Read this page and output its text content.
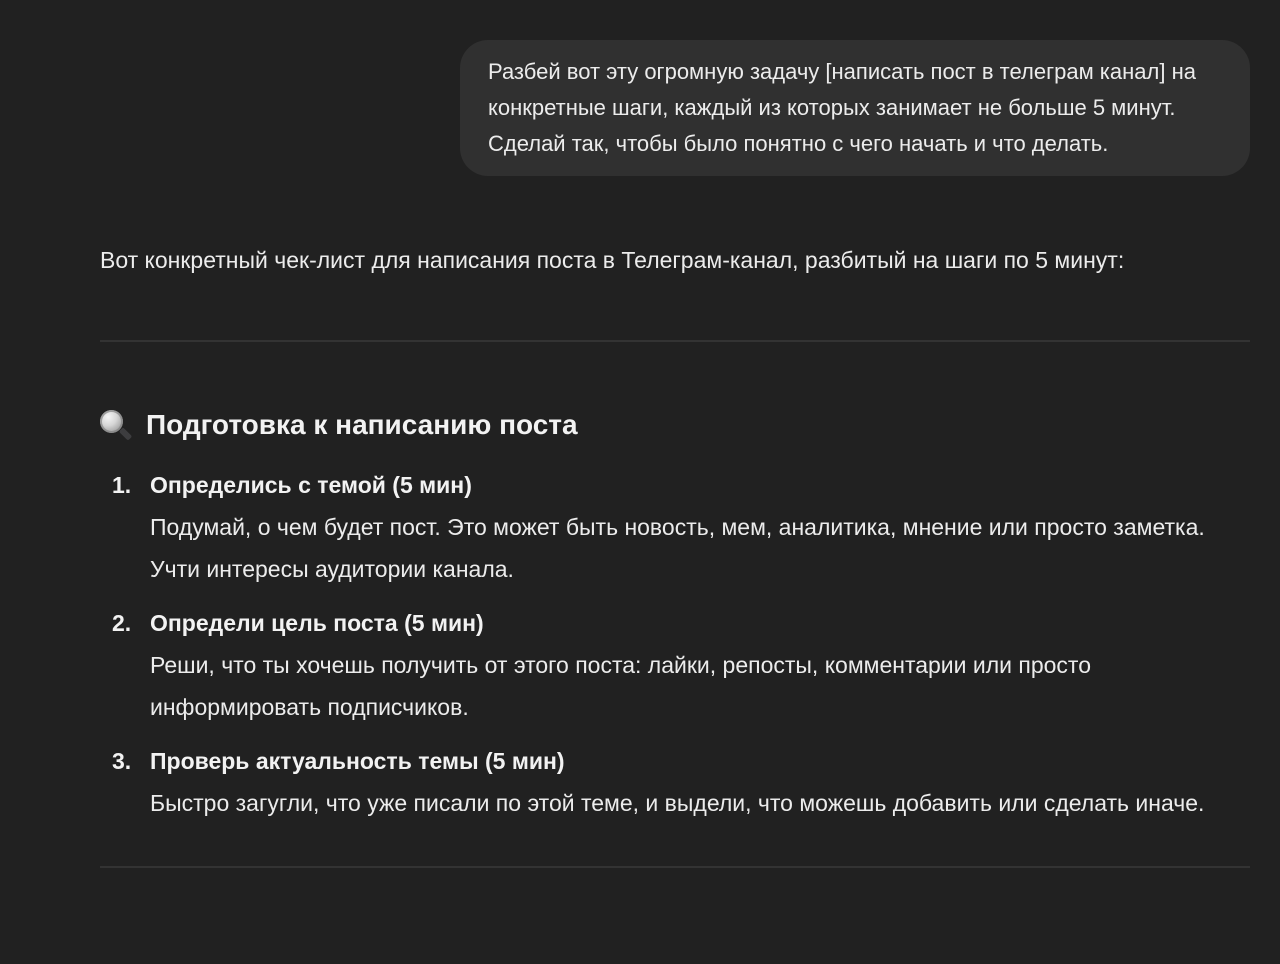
Разбей вот эту огромную задачу [написать пост в телеграм канал] на конкретные шаги, каждый из которых занимает не больше 5 минут. Сделай так, чтобы было понятно с чего начать и что делать.

Вот конкретный чек-лист для написания поста в Телеграм-канал, разбитый на шаги по 5 минут:

Подготовка к написанию поста
1. Определись с темой (5 мин)
Подумай, о чем будет пост. Это может быть новость, мем, аналитика, мнение или просто заметка. Учти интересы аудитории канала.
2. Определи цель поста (5 мин)
Реши, что ты хочешь получить от этого поста: лайки, репосты, комментарии или просто информировать подписчиков.
3. Проверь актуальность темы (5 мин)
Быстро загугли, что уже писали по этой теме, и выдели, что можешь добавить или сделать иначе.
